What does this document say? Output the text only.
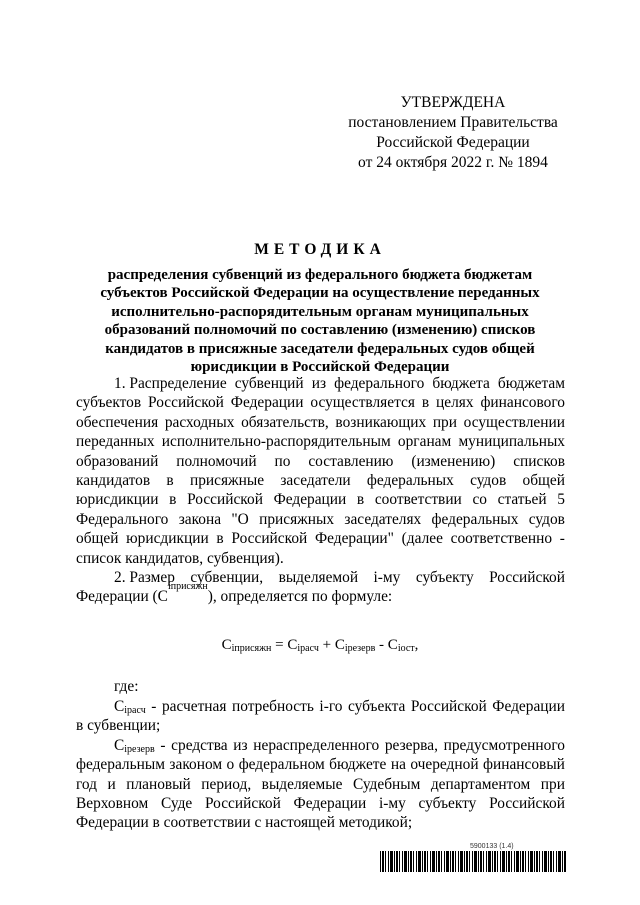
УТВЕРЖДЕНА
постановлением Правительства
Российской Федерации
от 24 октября 2022 г. № 1894
МЕТОДИКА
распределения субвенций из федерального бюджета бюджетам
субъектов Российской Федерации на осуществление переданных
исполнительно-распорядительным органам муниципальных
образований полномочий по составлению (изменению) списков
кандидатов в присяжные заседатели федеральных судов общей
юрисдикции в Российской Федерации
1. Распределение субвенций из федерального бюджета бюджетам
субъектов Российской Федерации осуществляется в целях финансового
обеспечения расходных обязательств, возникающих при осуществлении
переданных исполнительно-распорядительным органам муниципальных
образований полномочий по составлению (изменению) списков
кандидатов в присяжные заседатели федеральных судов общей
юрисдикции в Российской Федерации в соответствии со статьей 5
Федерального закона "О присяжных заседателях федеральных судов
общей юрисдикции в Российской Федерации" (далее соответственно -
список кандидатов, субвенция).
2. Размер субвенции, выделяемой i-му субъекту Российской
Федерации (С
iприсяжн
), определяется по формуле:
$С_{iприсяжн} = С_{iрасч} + С_{iрезерв} - С_{iост}$,
где:
$С_{iрасч}$ - расчетная потребность i-го субъекта Российской Федерации
в субвенции;
$С_{iрезерв}$ - средства из нераспределенного резерва, предусмотренного
федеральным законом о федеральном бюджете на очередной финансовый
год и плановый период, выделяемые Судебным департаментом при
Верховном Суде Российской Федерации i-му субъекту Российской
Федерации в соответствии с настоящей методикой;
5900133 (1.4)
